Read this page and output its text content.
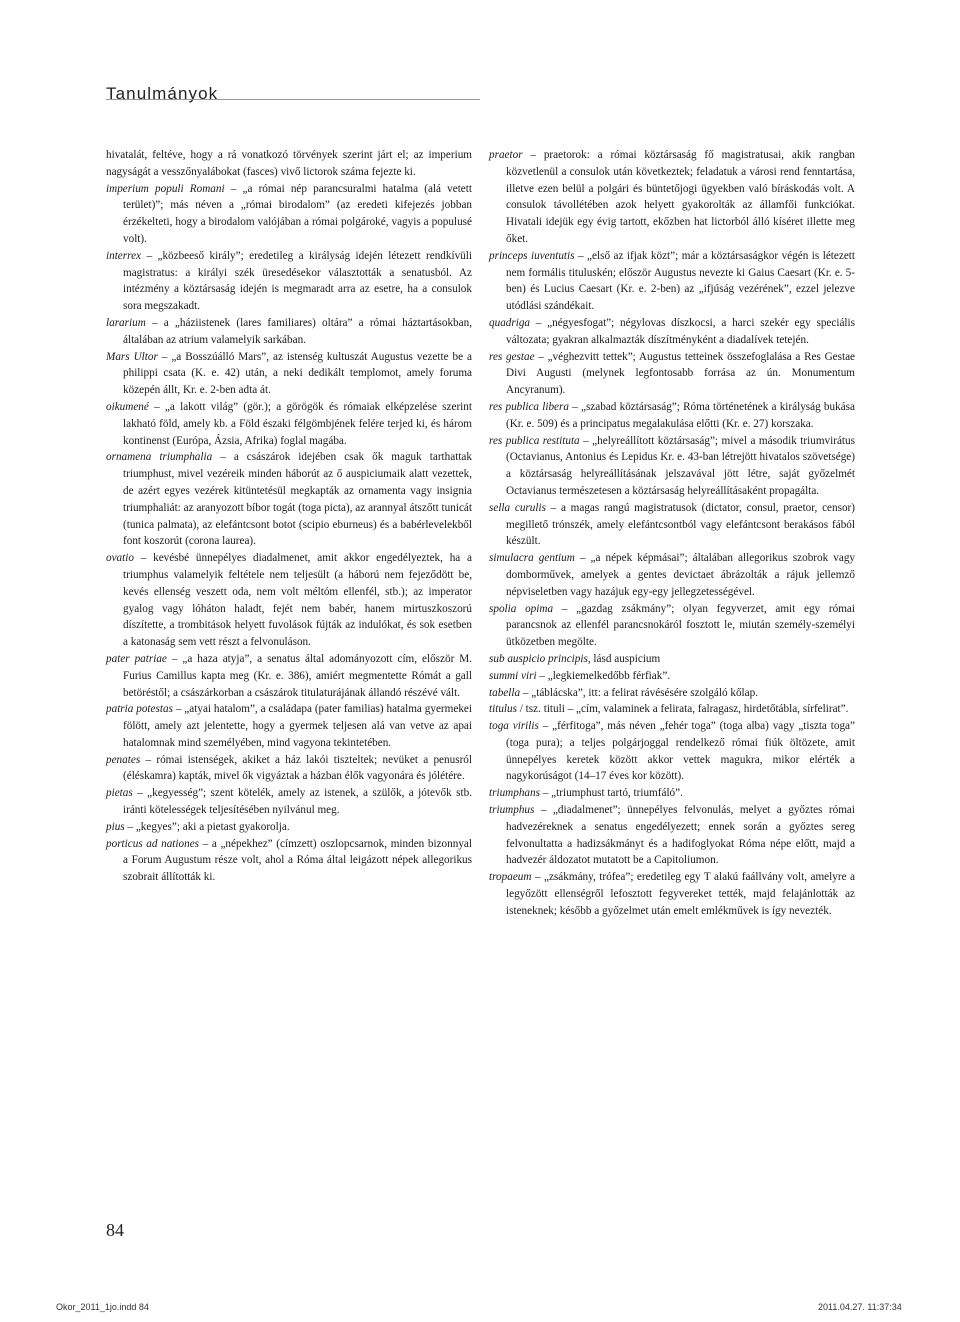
Tanulmányok

hivatalát, feltéve, hogy a rá vonatkozó törvények szerint járt el; az imperium nagyságát a vesszőnyalábokat (fasces) vivő lictorok száma fejezte ki.

imperium populi Romani – „a római nép parancsuralmi hatalma (alá vetett terület)”; más néven a „római birodalom” (az eredeti kifejezés jobban érzékelteti, hogy a birodalom valójában a római polgároké, vagyis a populusé volt).

interrex – „közbeeső király”; eredetileg a királyság idején létezett rendkívüli magistratus: a királyi szék üresedésekor választották a senatusból. Az intézmény a köztársaság idején is megmaradt arra az esetre, ha a consulok sora megszakadt.

lararium – a „háziistenek (lares familiares) oltára” a római háztartásokban, általában az atrium valamelyik sarkában.

Mars Ultor – „a Bosszúálló Mars”, az istenség kultuszát Augustus vezette be a philippi csata (K. e. 42) után, a neki dedikált templomot, amely foruma közepén állt, Kr. e. 2-ben adta át.

oikumené – „a lakott világ” (gör.); a görögök és rómaiak elképzelése szerint lakható föld, amely kb. a Föld északi félgömbjének felére terjed ki, és három kontinenst (Európa, Ázsia, Afrika) foglal magába.

ornamena triumphalia – a császárok idejében csak ők maguk tarthattak triumphust, mivel vezéreik minden háborút az ő auspiciumaik alatt vezettek, de azért egyes vezérek kitüntetésül megkapták az ornamenta vagy insignia triumphaliát: az aranyozott bíbor togát (toga picta), az arannyal átszőtt tunicát (tunica palmata), az elefántcsont botot (scipio eburneus) és a babérlevelekből font koszorút (corona laurea).

ovatio – kevésbé ünnepélyes diadalmenet, amit akkor engedélyeztek, ha a triumphus valamelyik feltétele nem teljesült (a háború nem fejeződött be, kevés ellenség veszett oda, nem volt méltóm ellenfél, stb.); az imperator gyalog vagy lóháton haladt, fejét nem babér, hanem mirtuszkoszorú díszítette, a trombitások helyett fuvolások fújták az indulókat, és sok esetben a katonaság sem vett részt a felvonuláson.

pater patriae – „a haza atyja”, a senatus által adományozott cím, először M. Furius Camillus kapta meg (Kr. e. 386), amiért megmentette Rómát a gall betöréstől; a császárkorban a császárok titulaturájának állandó részévé vált.

patria potestas – „atyai hatalom”, a családapa (pater familias) hatalma gyermekei fölött, amely azt jelentette, hogy a gyermek teljesen alá van vetve az apai hatalomnak mind személyében, mind vagyona tekintetében.

penates – római istenségek, akiket a ház lakói tiszteltek; nevüket a penusról (éléskamra) kapták, mivel ők vigyáztak a házban élők vagyonára és jólétére.

pietas – „kegyesség”; szent kötelék, amely az istenek, a szülők, a jótevők stb. iránti kötelességek teljesítésében nyilvánul meg.

pius – „kegyes”; aki a pietast gyakorolja.

porticus ad nationes – a „népekhez” (címzett) oszlopcsarnok, minden bizonnyal a Forum Augustum része volt, ahol a Róma által leigázott népek allegorikus szobrait állították ki.

praetor – praetorok: a római köztársaság fő magistratusai, akik rangban közvetlenül a consulok után következtek; feladatuk a városi rend fenntartása, illetve ezen belül a polgári és büntetőjogi ügyekben való bíráskodás volt. A consulok távollétében azok helyett gyakorolták az államfői funkciókat. Hivatali idejük egy évig tartott, ekőzben hat lictorból álló kíséret illette meg őket.

princeps iuventutis – „első az ifjak közt”; már a köztársaságkor végén is létezett nem formális tituluskén; először Augustus nevezte ki Gaius Caesart (Kr. e. 5-ben) és Lucius Caesart (Kr. e. 2-ben) az „ifjúság vezérének”, ezzel jelezve utódlási szándékait.

quadriga – „négyesfogat”; négylovas díszkocsi, a harci szekér egy speciális változata; gyakran alkalmazták díszítményként a diadalívek tetején.

res gestae – „véghezvitt tettek”; Augustus tetteinek összefoglalása a Res Gestae Divi Augusti (melynek legfontosabb forrása az ún. Monumentum Ancyranum).

res publica libera – „szabad köztársaság”; Róma történetének a királyság bukása (Kr. e. 509) és a principatus megalakulása előtti (Kr. e. 27) korszaka.

res publica restituta – „helyreállított köztársaság”; mivel a második triumvirátus (Octavianus, Antonius és Lepidus Kr. e. 43-ban létrejött hivatalos szövetsége) a köztársaság helyreállításának jelszavával jött létre, saját győzelmét Octavianus természetesen a köztársaság helyreállításaként propagálta.

sella curulis – a magas rangú magistratusok (dictator, consul, praetor, censor) megillető trónszék, amely elefántcsontból vagy elefántcsont berakásos fából készült.

simulacra gentium – „a népek képmásai”; általában allegorikus szobrok vagy domborművek, amelyek a gentes devictaet ábrázolták a rájuk jellemző népviseletben vagy hazájuk egy-egy jellegzetességével.

spolia opima – „gazdag zsákmány”; olyan fegyverzet, amit egy római parancsnok az ellenfél parancsnokáról fosztott le, miután személy-személyi ütközetben megölte.

sub auspicio principis, lásd auspicium

summi viri – „legkiemelkedőbb férfiak”.

tabella – „táblácska”, itt: a felirat rávésésére szolgáló kőlap.

titulus / tsz. tituli – „cím, valaminek a felirata, falragasz, hirdetőtábla, sírfelirat”.

toga virilis – „férfitoga”, más néven „fehér toga” (toga alba) vagy „tiszta toga” (toga pura); a teljes polgárjoggal rendelkező római fiúk öltözete, amit ünnepélyes keretek között akkor vettek magukra, mikor elérték a nagykorúságot (14–17 éves kor között).

triumphans – „triumphust tartó, triumfáló”.

triumphus – „diadalmenet”; ünnepélyes felvonulás, melyet a győztes római hadvezéreknek a senatus engedélyezett; ennek során a győztes sereg felvonultatta a hadizsákmányt és a hadifoglyokat Róma népe előtt, majd a hadvezér áldozatot mutatott be a Capitoliumon.

tropaeum – „zsákmány, trófea”; eredetileg egy T alakú faállvány volt, amelyre a legyőzött ellenségről lefosztott fegyvereket tették, majd felajánlották az isteneknek; később a győzelmet után emelt emlékművek is így nevezték.

84
Okor_2011_1jo.indd 84	2011.04.27. 11:37:34
